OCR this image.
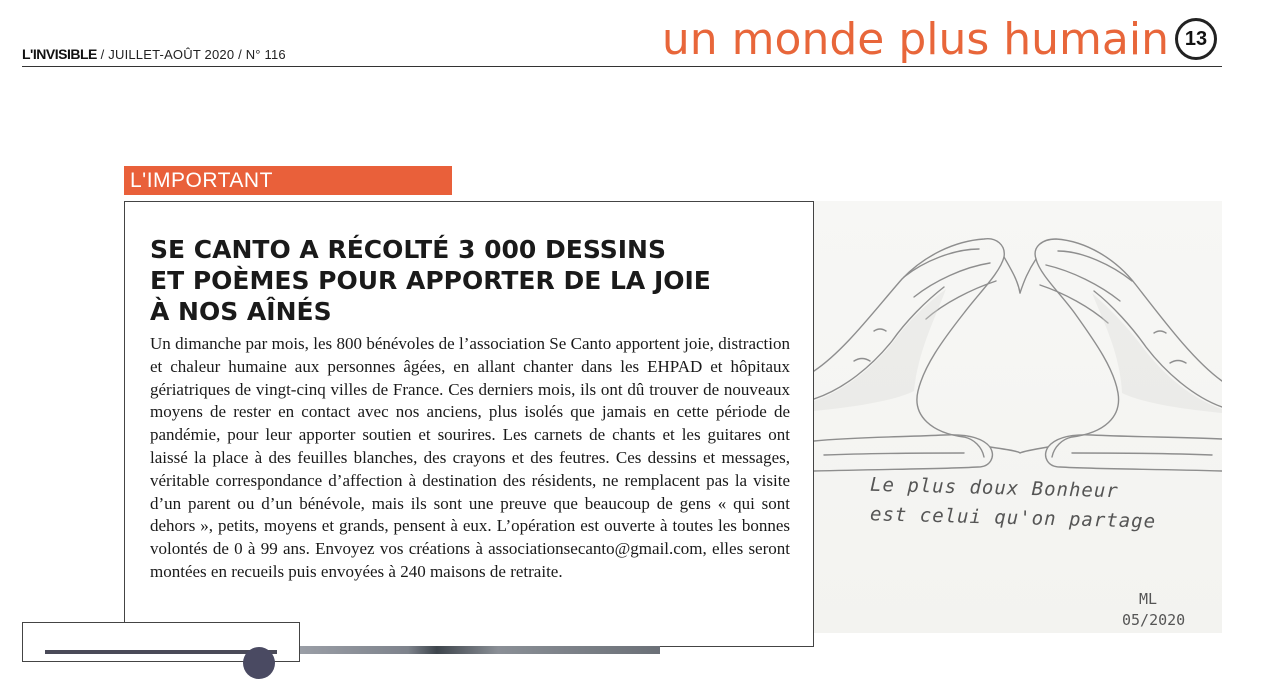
L'INVISIBLE / JUILLET-AOÛT 2020 / N° 116	un monde plus humain 13
L'IMPORTANT
SE CANTO A RÉCOLTÉ 3 000 DESSINS
ET POÈMES POUR APPORTER DE LA JOIE
À NOS AÎNÉS

Un dimanche par mois, les 800 bénévoles de l’association Se Canto apportent joie, distraction et chaleur humaine aux personnes âgées, en allant chanter dans les EHPAD et hôpitaux gériatriques de vingt-cinq villes de France. Ces derniers mois, ils ont dû trouver de nouveaux moyens de rester en contact avec nos anciens, plus isolés que jamais en cette période de pandémie, pour leur apporter soutien et sourires. Les carnets de chants et les guitares ont laissé la place à des feuilles blanches, des crayons et des feutres. Ces dessins et messages, véritable correspondance d’affection à destination des résidents, ne remplacent pas la visite d’un parent ou d’un bénévole, mais ils sont une preuve que beaucoup de gens « qui sont dehors », petits, moyens et grands, pensent à eux. L’opération est ouverte à toutes les bonnes volontés de 0 à 99 ans. Envoyez vos créations à associationsecanto@gmail.com, elles seront montées en recueils puis envoyées à 240 maisons de retraite.

Le plus doux Bonheur
est celui qu'on partage
ML
05/2020
